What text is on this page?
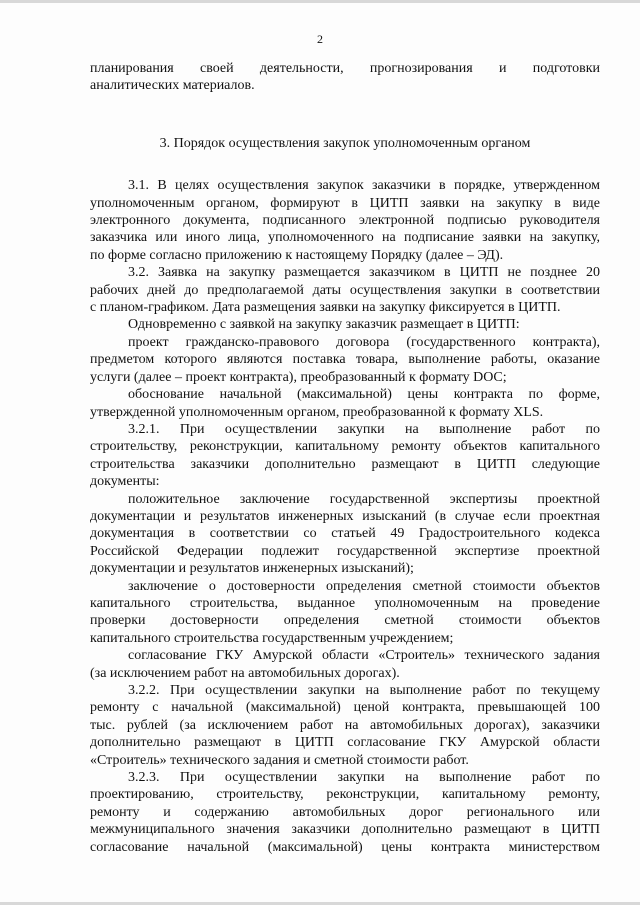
2

планирования своей деятельности, прогнозирования и подготовки

аналитических материалов.

3. Порядок осуществления закупок уполномоченным органом

3.1. В целях осуществления закупок заказчики в порядке, утвержденном

уполномоченным органом, формируют в ЦИТП заявки на закупку в виде

электронного документа, подписанного электронной подписью руководителя

заказчика или иного лица, уполномоченного на подписание заявки на закупку,

по форме согласно приложению к настоящему Порядку (далее – ЭД).

3.2. Заявка на закупку размещается заказчиком в ЦИТП не позднее 20

рабочих дней до предполагаемой даты осуществления закупки в соответствии

с планом-графиком. Дата размещения заявки на закупку фиксируется в ЦИТП.

Одновременно с заявкой на закупку заказчик размещает в ЦИТП:

проект гражданско-правового договора (государственного контракта),

предметом которого являются поставка товара, выполнение работы, оказание

услуги (далее – проект контракта), преобразованный к формату DOC;

обоснование начальной (максимальной) цены контракта по форме,

утвержденной уполномоченным органом, преобразованной к формату XLS.

3.2.1. При осуществлении закупки на выполнение работ по

строительству, реконструкции, капитальному ремонту объектов капитального

строительства заказчики дополнительно размещают в ЦИТП следующие

документы:

положительное заключение государственной экспертизы проектной

документации и результатов инженерных изысканий (в случае если проектная

документация в соответствии со статьей 49 Градостроительного кодекса

Российской Федерации подлежит государственной экспертизе проектной

документации и результатов инженерных изысканий);

заключение о достоверности определения сметной стоимости объектов

капитального строительства, выданное уполномоченным на проведение

проверки достоверности определения сметной стоимости объектов

капитального строительства государственным учреждением;

согласование ГКУ Амурской области «Строитель» технического задания

(за исключением работ на автомобильных дорогах).

3.2.2. При осуществлении закупки на выполнение работ по текущему

ремонту с начальной (максимальной) ценой контракта, превышающей 100

тыс. рублей (за исключением работ на автомобильных дорогах), заказчики

дополнительно размещают в ЦИТП согласование ГКУ Амурской области

«Строитель» технического задания и сметной стоимости работ.

3.2.3. При осуществлении закупки на выполнение работ по

проектированию, строительству, реконструкции, капитальному ремонту,

ремонту и содержанию автомобильных дорог регионального или

межмуниципального значения заказчики дополнительно размещают в ЦИТП

согласование начальной (максимальной) цены контракта министерством
